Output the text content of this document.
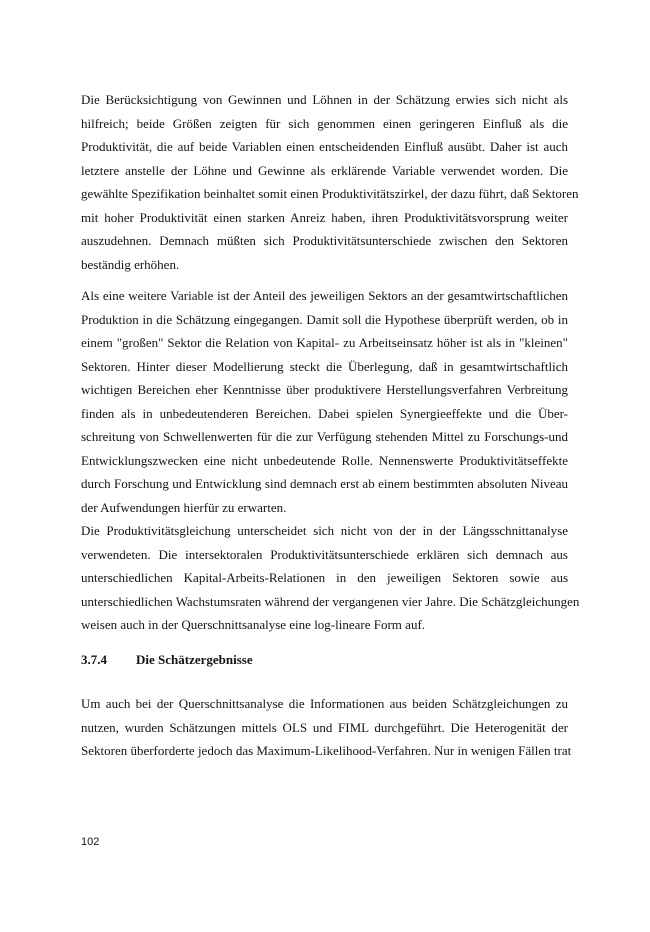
Die Berücksichtigung von Gewinnen und Löhnen in der Schätzung erwies sich nicht als
hilfreich; beide Größen zeigten für sich genommen einen geringeren Einfluß als die
Produktivität, die auf beide Variablen einen entscheidenden Einfluß ausübt. Daher ist auch
letztere anstelle der Löhne und Gewinne als erklärende Variable verwendet worden. Die
gewählte Spezifikation beinhaltet somit einen Produktivitätszirkel, der dazu führt, daß Sektoren
mit hoher Produktivität einen starken Anreiz haben, ihren Produktivitätsvorsprung weiter
auszudehnen. Demnach müßten sich Produktivitätsunterschiede zwischen den Sektoren
beständig erhöhen.
Als eine weitere Variable ist der Anteil des jeweiligen Sektors an der gesamtwirtschaftlichen
Produktion in die Schätzung eingegangen. Damit soll die Hypothese überprüft werden, ob in
einem "großen" Sektor die Relation von Kapital- zu Arbeitseinsatz höher ist als in "kleinen"
Sektoren. Hinter dieser Modellierung steckt die Überlegung, daß in gesamtwirtschaftlich
wichtigen Bereichen eher Kenntnisse über produktivere Herstellungsverfahren Verbreitung
finden als in unbedeutenderen Bereichen. Dabei spielen Synergieeffekte und die Über-
schreitung von Schwellenwerten für die zur Verfügung stehenden Mittel zu Forschungs-und
Entwicklungszwecken eine nicht unbedeutende Rolle. Nennenswerte Produktivitätseffekte
durch Forschung und Entwicklung sind demnach erst ab einem bestimmten absoluten Niveau
der Aufwendungen hierfür zu erwarten.
Die Produktivitätsgleichung unterscheidet sich nicht von der in der Längsschnittanalyse
verwendeten. Die intersektoralen Produktivitätsunterschiede erklären sich demnach aus
unterschiedlichen Kapital-Arbeits-Relationen in den jeweiligen Sektoren sowie aus
unterschiedlichen Wachstumsraten während der vergangenen vier Jahre. Die Schätzgleichungen
weisen auch in der Querschnittsanalyse eine log-lineare Form auf.
3.7.4 Die Schätzergebnisse
Um auch bei der Querschnittsanalyse die Informationen aus beiden Schätzgleichungen zu
nutzen, wurden Schätzungen mittels OLS und FIML durchgeführt. Die Heterogenität der
Sektoren überforderte jedoch das Maximum-Likelihood-Verfahren. Nur in wenigen Fällen trat

102
